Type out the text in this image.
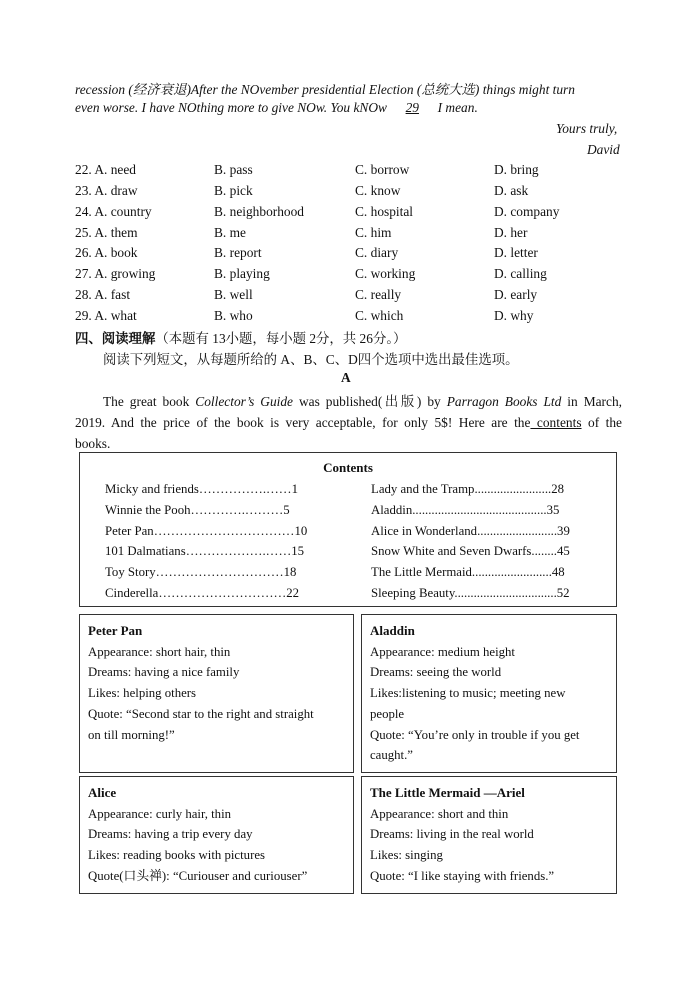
recession (经济衰退)After the NOvember presidential Election (总统大选) things might turn
even worse. I have NOthing more to give NOw. You kNOw 29 I mean.
Yours truly,
David
22. A. need	B. pass	C. borrow	D. bring
23. A. draw	B. pick	C. know	D. ask
24. A. country	B. neighborhood	C. hospital	D. company
25. A. them	B. me	C. him	D. her
26. A. book	B. report	C. diary	D. letter
27. A. growing	B. playing	C. working	D. calling
28. A. fast	B. well	C. really	D. early
29. A. what	B. who	C. which	D. why
四、阅读理解（本题有 13小题，每小题 2分，共 26分。）
阅读下列短文，从每题所给的 A、B、C、D四个选项中选出最佳选项。
A
The great book Collector’s Guide was published(出版) by Parragon Books Ltd in March,
2019. And the price of the book is very acceptable, for only 5$! Here are the contents of the
books.
Contents
Micky and friends…………….……1
Winnie the Pooh………….………5
Peter Pan……………………………10
101 Dalmatians……………….……15
Toy Story…………………………18
Cinderella…………………………22
Lady and the Tramp........................28
Aladdin..........................................35
Alice in Wonderland.........................39
Snow White and Seven Dwarfs........45
The Little Mermaid.........................48
Sleeping Beauty................................52
Peter Pan
Appearance: short hair, thin
Dreams: having a nice family
Likes: helping others
Quote: “Second star to the right and straight
on till morning!”
Aladdin
Appearance: medium height
Dreams: seeing the world
Likes:listening to music; meeting new
people
Quote: “You’re only in trouble if you get
caught.”
Alice
Appearance: curly hair, thin
Dreams: having a trip every day
Likes: reading books with pictures
Quote(口头禅): “Curiouser and curiouser”
The Little Mermaid —Ariel
Appearance: short and thin
Dreams: living in the real world
Likes: singing
Quote: “I like staying with friends.”
